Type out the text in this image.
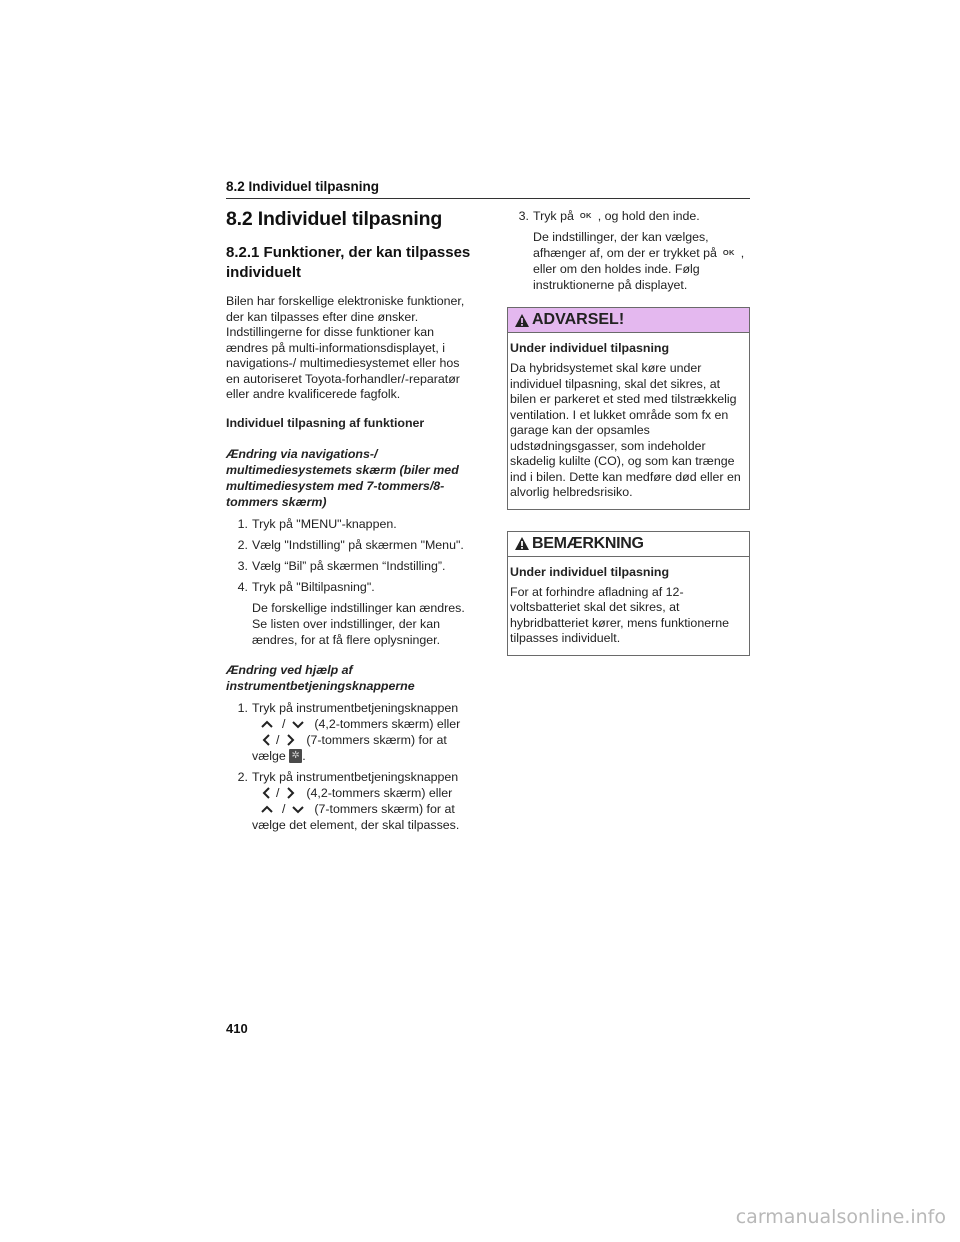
8.2 Individuel tilpasning
8.2 Individuel tilpasning
8.2.1 Funktioner, der kan tilpasses individuelt

Bilen har forskellige elektroniske funktioner, der kan tilpasses efter dine ønsker. Indstillingerne for disse funktioner kan ændres på multi-informationsdisplayet, i navigations-/ multimediesystemet eller hos en autoriseret Toyota-forhandler/-reparatør eller andre kvalificerede fagfolk.

Individuel tilpasning af funktioner
Ændring via navigations-/ multimediesystemets skærm (biler med multimediesystem med 7-tommers/8-tommers skærm)
1. Tryk på "MENU"-knappen.
2. Vælg "Indstilling" på skærmen "Menu".
3. Vælg “Bil” på skærmen “Indstilling”.
4. Tryk på "Biltilpasning".
De forskellige indstillinger kan ændres. Se listen over indstillinger, der kan ændres, for at få flere oplysninger.
Ændring ved hjælp af instrumentbetjeningsknapperne
1. Tryk på instrumentbetjeningsknappen
/ (4,2-tommers skærm) eller
/ (7-tommers skærm) for at
vælge ✲ .
2. Tryk på instrumentbetjeningsknappen
/ (4,2-tommers skærm) eller
/ (7-tommers skærm) for at
vælge det element, der skal tilpasses.
3. Tryk på OK , og hold den inde.
De indstillinger, der kan vælges, afhænger af, om der er trykket på OK , eller om den holdes inde. Følg instruktionerne på displayet.
ADVARSEL!
Under individuel tilpasning

Da hybridsystemet skal køre under individuel tilpasning, skal det sikres, at bilen er parkeret et sted med tilstrækkelig ventilation. I et lukket område som fx en garage kan der opsamles udstødningsgasser, som indeholder skadelig kulilte (CO), og som kan trænge ind i bilen. Dette kan medføre død eller en alvorlig helbredsrisiko.

BEMÆRKNING
Under individuel tilpasning

For at forhindre afladning af 12-voltsbatteriet skal det sikres, at hybridbatteriet kører, mens funktionerne tilpasses individuelt.

410
carmanualsonline.info
